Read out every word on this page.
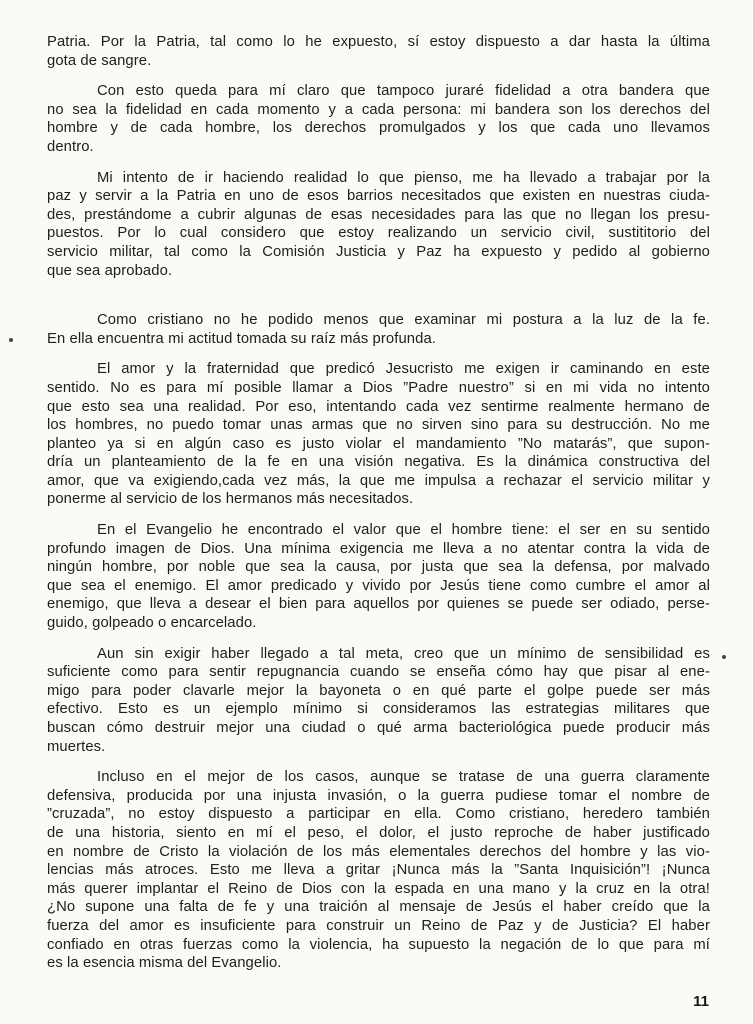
Patria. Por la Patria, tal como lo he expuesto, sí estoy dispuesto a dar hasta la última
gota de sangre.
Con esto queda para mí claro que tampoco juraré fidelidad a otra bandera que
no sea la fidelidad en cada momento y a cada persona: mi bandera son los derechos del
hombre y de cada hombre, los derechos promulgados y los que cada uno llevamos
dentro.
Mi intento de ir haciendo realidad lo que pienso, me ha llevado a trabajar por la
paz y servir a la Patria en uno de esos barrios necesitados que existen en nuestras ciuda-
des, prestándome a cubrir algunas de esas necesidades para las que no llegan los presu-
puestos. Por lo cual considero que estoy realizando un servicio civil, sustititorio del
servicio militar, tal como la Comisión Justicia y Paz ha expuesto y pedido al gobierno
que sea aprobado.
Como cristiano no he podido menos que examinar mi postura a la luz de la fe.
En ella encuentra mi actitud tomada su raíz más profunda.
El amor y la fraternidad que predicó Jesucristo me exigen ir caminando en este
sentido. No es para mí posible llamar a Dios ”Padre nuestro” si en mi vida no intento
que esto sea una realidad. Por eso, intentando cada vez sentirme realmente hermano de
los hombres, no puedo tomar unas armas que no sirven sino para su destrucción. No me
planteo ya si en algún caso es justo violar el mandamiento ”No matarás”, que supon-
dría un planteamiento de la fe en una visión negativa. Es la dinámica constructiva del
amor, que va exigiendo,cada vez más, la que me impulsa a rechazar el servicio militar y
ponerme al servicio de los hermanos más necesitados.
En el Evangelio he encontrado el valor que el hombre tiene: el ser en su sentido
profundo imagen de Dios. Una mínima exigencia me lleva a no atentar contra la vida de
ningún hombre, por noble que sea la causa, por justa que sea la defensa, por malvado
que sea el enemigo. El amor predicado y vivido por Jesús tiene como cumbre el amor al
enemigo, que lleva a desear el bien para aquellos por quienes se puede ser odiado, perse-
guido, golpeado o encarcelado.
Aun sin exigir haber llegado a tal meta, creo que un mínimo de sensibilidad es
suficiente como para sentir repugnancia cuando se enseña cómo hay que pisar al ene-
migo para poder clavarle mejor la bayoneta o en qué parte el golpe puede ser más
efectivo. Esto es un ejemplo mínimo si consideramos las estrategias militares que
buscan cómo destruir mejor una ciudad o qué arma bacteriológica puede producir más
muertes.
Incluso en el mejor de los casos, aunque se tratase de una guerra claramente
defensiva, producida por una injusta invasión, o la guerra pudiese tomar el nombre de
”cruzada”, no estoy dispuesto a participar en ella. Como cristiano, heredero también
de una historia, siento en mí el peso, el dolor, el justo reproche de haber justificado
en nombre de Cristo la violación de los más elementales derechos del hombre y las vio-
lencias más atroces. Esto me lleva a gritar ¡Nunca más la ”Santa Inquisición”! ¡Nunca
más querer implantar el Reino de Dios con la espada en una mano y la cruz en la otra!
¿No supone una falta de fe y una traición al mensaje de Jesús el haber creído que la
fuerza del amor es insuficiente para construir un Reino de Paz y de Justicia? El haber
confiado en otras fuerzas como la violencia, ha supuesto la negación de lo que para mí
es la esencia misma del Evangelio.
11
